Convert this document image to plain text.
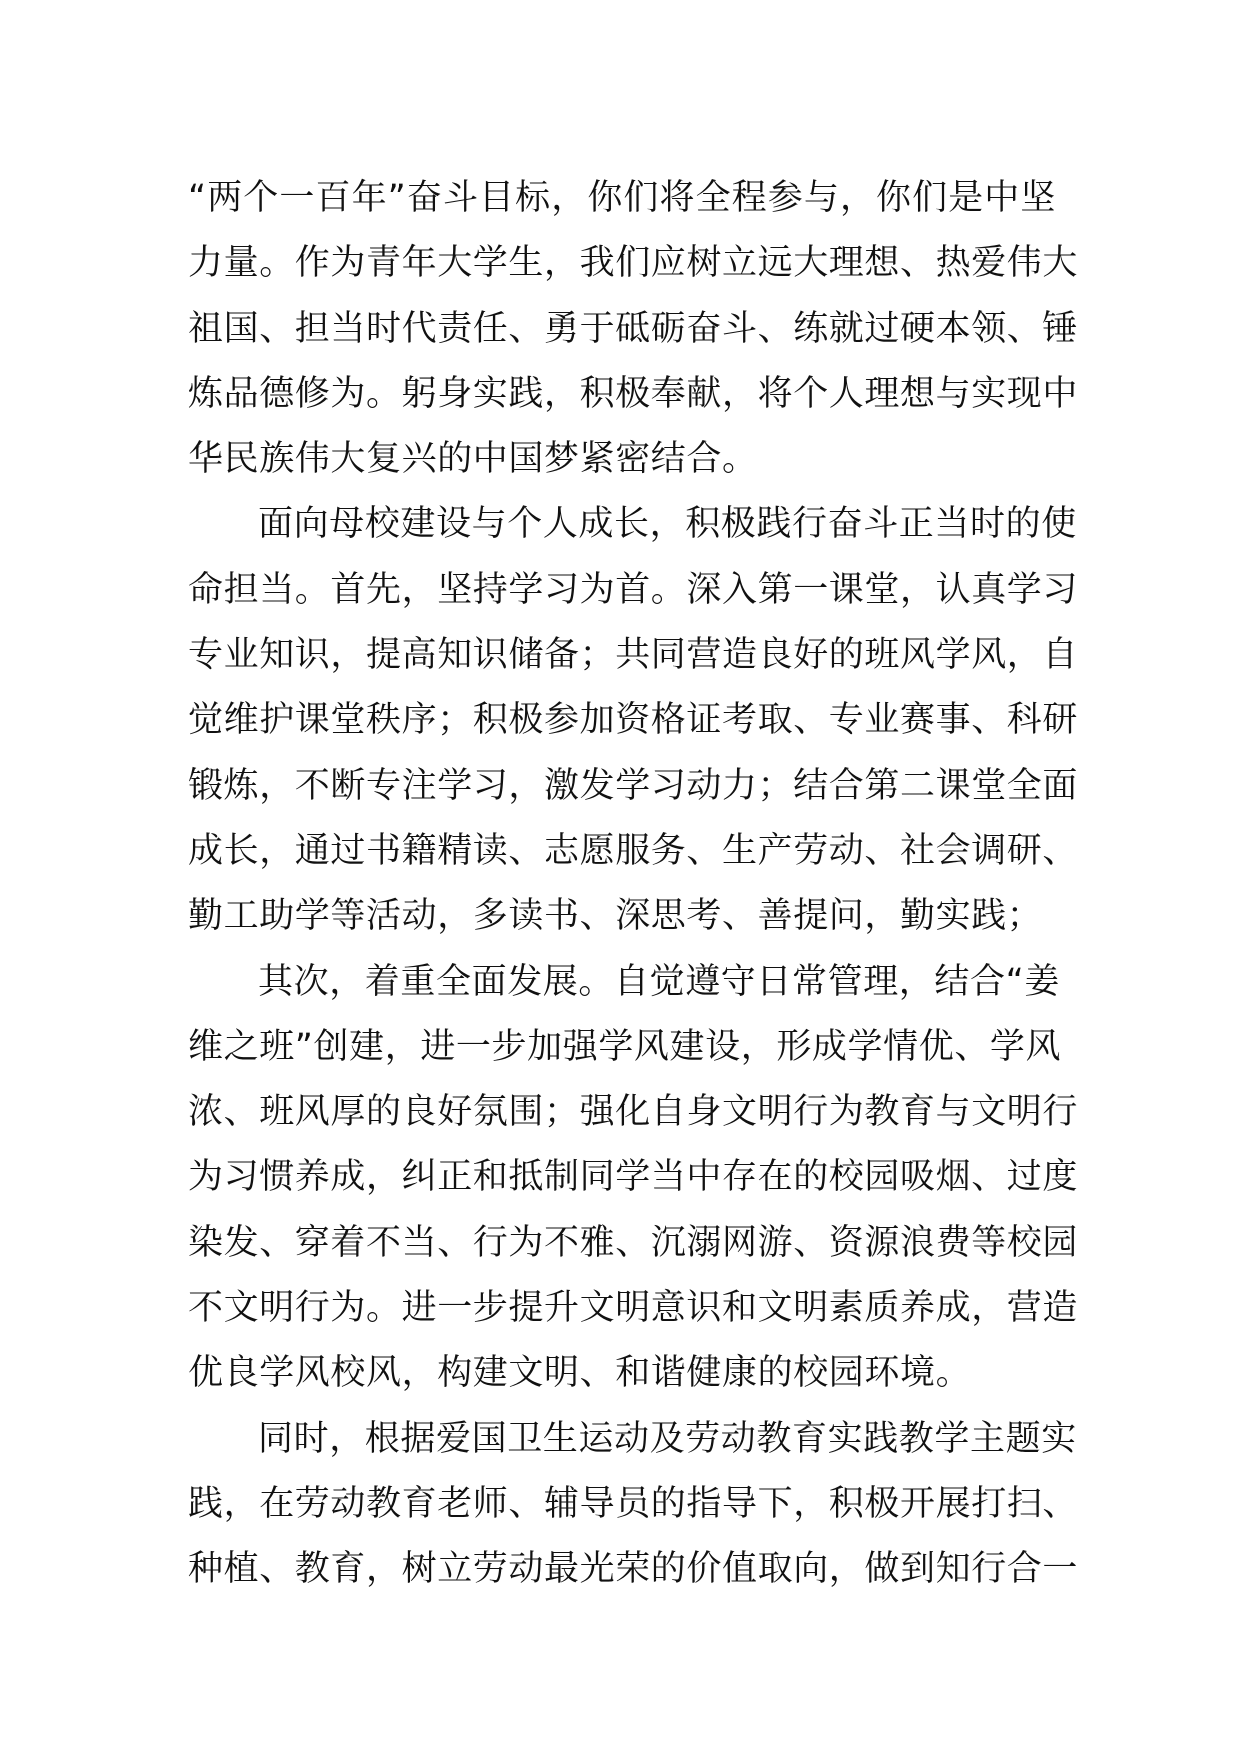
“两个一百年”奋斗目标，你们将全程参与，你们是中坚
力量。作为青年大学生，我们应树立远大理想、热爱伟大
祖国、担当时代责任、勇于砥砺奋斗、练就过硬本领、锤
炼品德修为。躬身实践，积极奉献，将个人理想与实现中
华民族伟大复兴的中国梦紧密结合。
面向母校建设与个人成长，积极践行奋斗正当时的使
命担当。首先，坚持学习为首。深入第一课堂，认真学习
专业知识，提高知识储备；共同营造良好的班风学风，自
觉维护课堂秩序；积极参加资格证考取、专业赛事、科研
锻炼，不断专注学习，激发学习动力；结合第二课堂全面
成长，通过书籍精读、志愿服务、生产劳动、社会调研、
勤工助学等活动，多读书、深思考、善提问，勤实践；
其次，着重全面发展。自觉遵守日常管理，结合“姜
维之班”创建，进一步加强学风建设，形成学情优、学风
浓、班风厚的良好氛围；强化自身文明行为教育与文明行
为习惯养成，纠正和抵制同学当中存在的校园吸烟、过度
染发、穿着不当、行为不雅、沉溺网游、资源浪费等校园
不文明行为。进一步提升文明意识和文明素质养成，营造
优良学风校风，构建文明、和谐健康的校园环境。
同时，根据爱国卫生运动及劳动教育实践教学主题实
践，在劳动教育老师、辅导员的指导下，积极开展打扫、
种植、教育，树立劳动最光荣的价值取向，做到知行合一
